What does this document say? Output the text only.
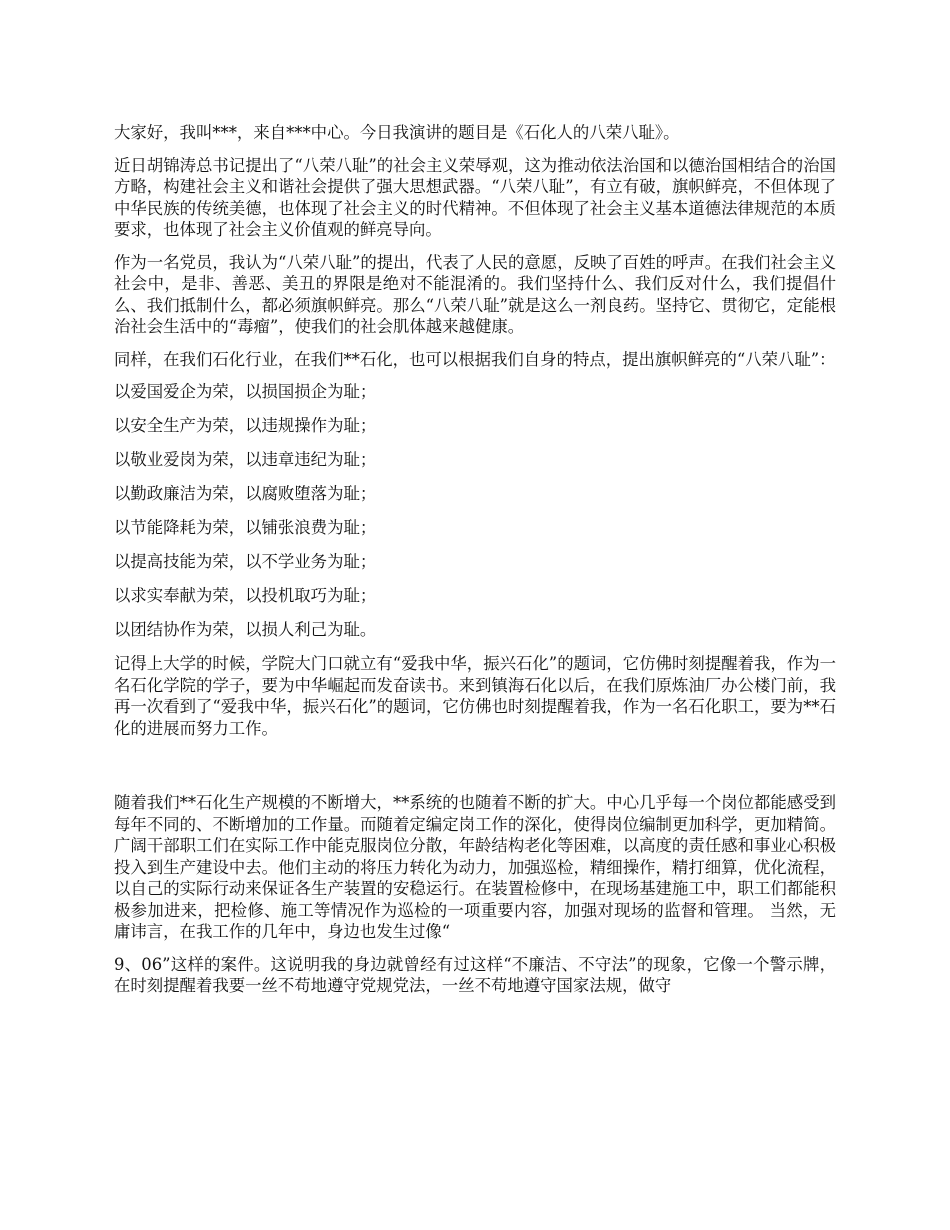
大家好，我叫***，来自***中心。今日我演讲的题目是《石化人的八荣八耻》。

近日胡锦涛总书记提出了“八荣八耻”的社会主义荣辱观，这为推动依法治国和以德治国相结合的治国方略，构建社会主义和谐社会提供了强大思想武器。“八荣八耻”，有立有破，旗帜鲜亮，不但体现了中华民族的传统美德，也体现了社会主义的时代精神。不但体现了社会主义基本道德法律规范的本质要求，也体现了社会主义价值观的鲜亮导向。

作为一名党员，我认为“八荣八耻”的提出，代表了人民的意愿，反映了百姓的呼声。在我们社会主义社会中，是非、善恶、美丑的界限是绝对不能混淆的。我们坚持什么、我们反对什么，我们提倡什么、我们抵制什么，都必须旗帜鲜亮。那么“八荣八耻”就是这么一剂良药。坚持它、贯彻它，定能根治社会生活中的“毒瘤”，使我们的社会肌体越来越健康。

同样，在我们石化行业，在我们**石化，也可以根据我们自身的特点，提出旗帜鲜亮的“八荣八耻”：

以爱国爱企为荣，以损国损企为耻；

以安全生产为荣，以违规操作为耻；

以敬业爱岗为荣，以违章违纪为耻；

以勤政廉洁为荣，以腐败堕落为耻；

以节能降耗为荣，以铺张浪费为耻；

以提高技能为荣，以不学业务为耻；

以求实奉献为荣，以投机取巧为耻；

以团结协作为荣，以损人利己为耻。

记得上大学的时候，学院大门口就立有“爱我中华，振兴石化”的题词，它仿佛时刻提醒着我，作为一名石化学院的学子，要为中华崛起而发奋读书。来到镇海石化以后，在我们原炼油厂办公楼门前，我再一次看到了“爱我中华，振兴石化”的题词，它仿佛也时刻提醒着我，作为一名石化职工，要为**石化的进展而努力工作。

随着我们**石化生产规模的不断增大，**系统的也随着不断的扩大。中心几乎每一个岗位都能感受到每年不同的、不断增加的工作量。而随着定编定岗工作的深化，使得岗位编制更加科学，更加精简。广阔干部职工们在实际工作中能克服岗位分散，年龄结构老化等困难，以高度的责任感和事业心积极投入到生产建设中去。他们主动的将压力转化为动力，加强巡检，精细操作，精打细算，优化流程，以自己的实际行动来保证各生产装置的安稳运行。在装置检修中，在现场基建施工中，职工们都能积极参加进来，把检修、施工等情况作为巡检的一项重要内容，加强对现场的监督和管理。 当然，无庸讳言，在我工作的几年中，身边也发生过像“

9、06”这样的案件。这说明我的身边就曾经有过这样“不廉洁、不守法”的现象，它像一个警示牌，在时刻提醒着我要一丝不苟地遵守党规党法，一丝不苟地遵守国家法规，做守
